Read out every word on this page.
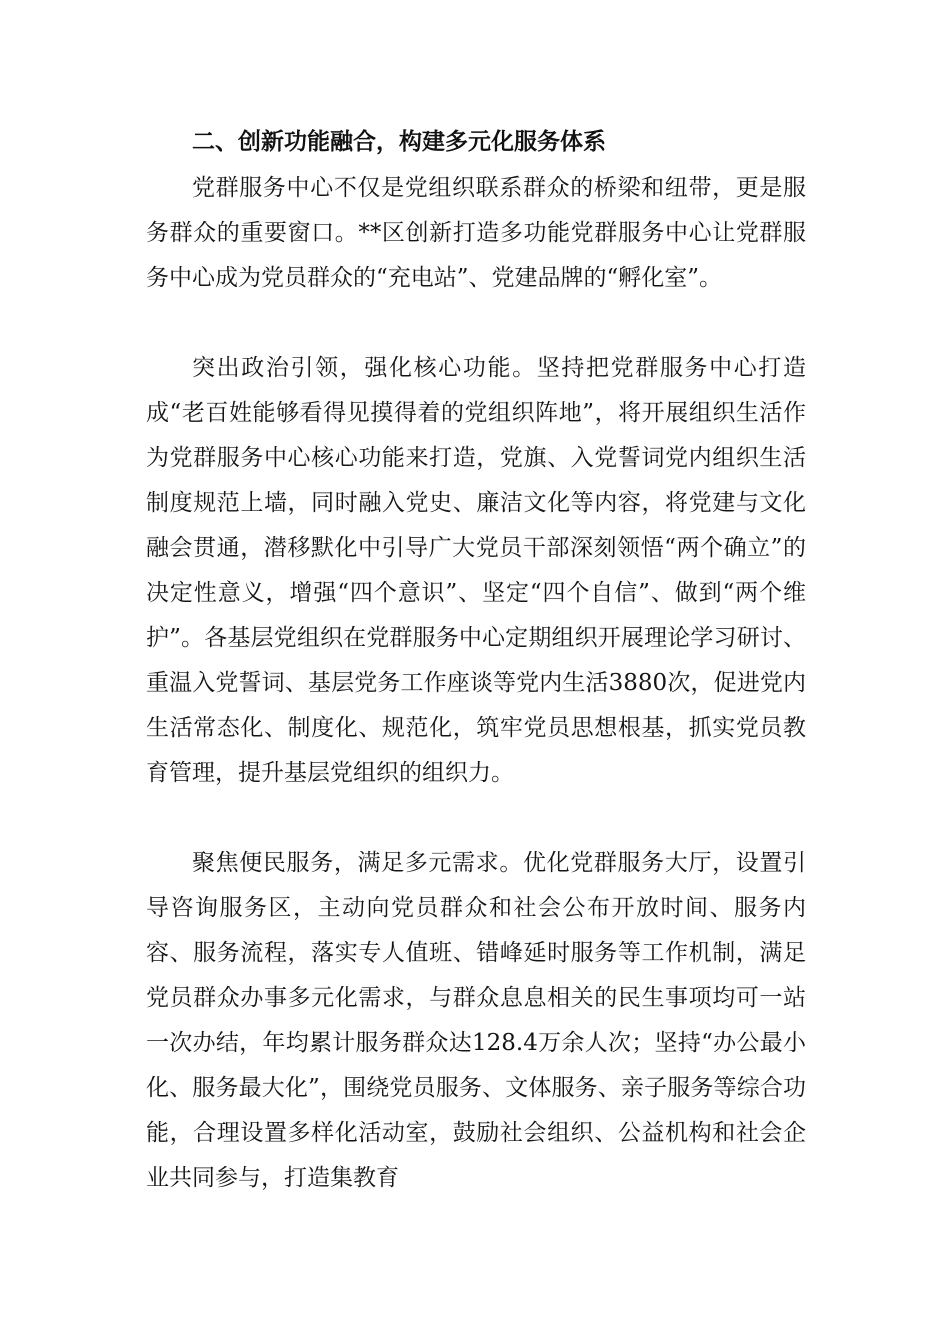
二、创新功能融合，构建多元化服务体系

党群服务中心不仅是党组织联系群众的桥梁和纽带，更是服务群众的重要窗口。**区创新打造多功能党群服务中心让党群服务中心成为党员群众的“充电站”、党建品牌的“孵化室”。

突出政治引领，强化核心功能。坚持把党群服务中心打造成“老百姓能够看得见摸得着的党组织阵地”，将开展组织生活作为党群服务中心核心功能来打造，党旗、入党誓词党内组织生活制度规范上墙，同时融入党史、廉洁文化等内容，将党建与文化融会贯通，潜移默化中引导广大党员干部深刻领悟“两个确立”的决定性意义，增强“四个意识”、坚定“四个自信”、做到“两个维护”。各基层党组织在党群服务中心定期组织开展理论学习研讨、重温入党誓词、基层党务工作座谈等党内生活3880次，促进党内生活常态化、制度化、规范化，筑牢党员思想根基，抓实党员教育管理，提升基层党组织的组织力。

聚焦便民服务，满足多元需求。优化党群服务大厅，设置引导咨询服务区，主动向党员群众和社会公布开放时间、服务内容、服务流程，落实专人值班、错峰延时服务等工作机制，满足党员群众办事多元化需求，与群众息息相关的民生事项均可一站一次办结，年均累计服务群众达128.4万余人次；坚持“办公最小化、服务最大化”，围绕党员服务、文体服务、亲子服务等综合功能，合理设置多样化活动室，鼓励社会组织、公益机构和社会企业共同参与，打造集教育
